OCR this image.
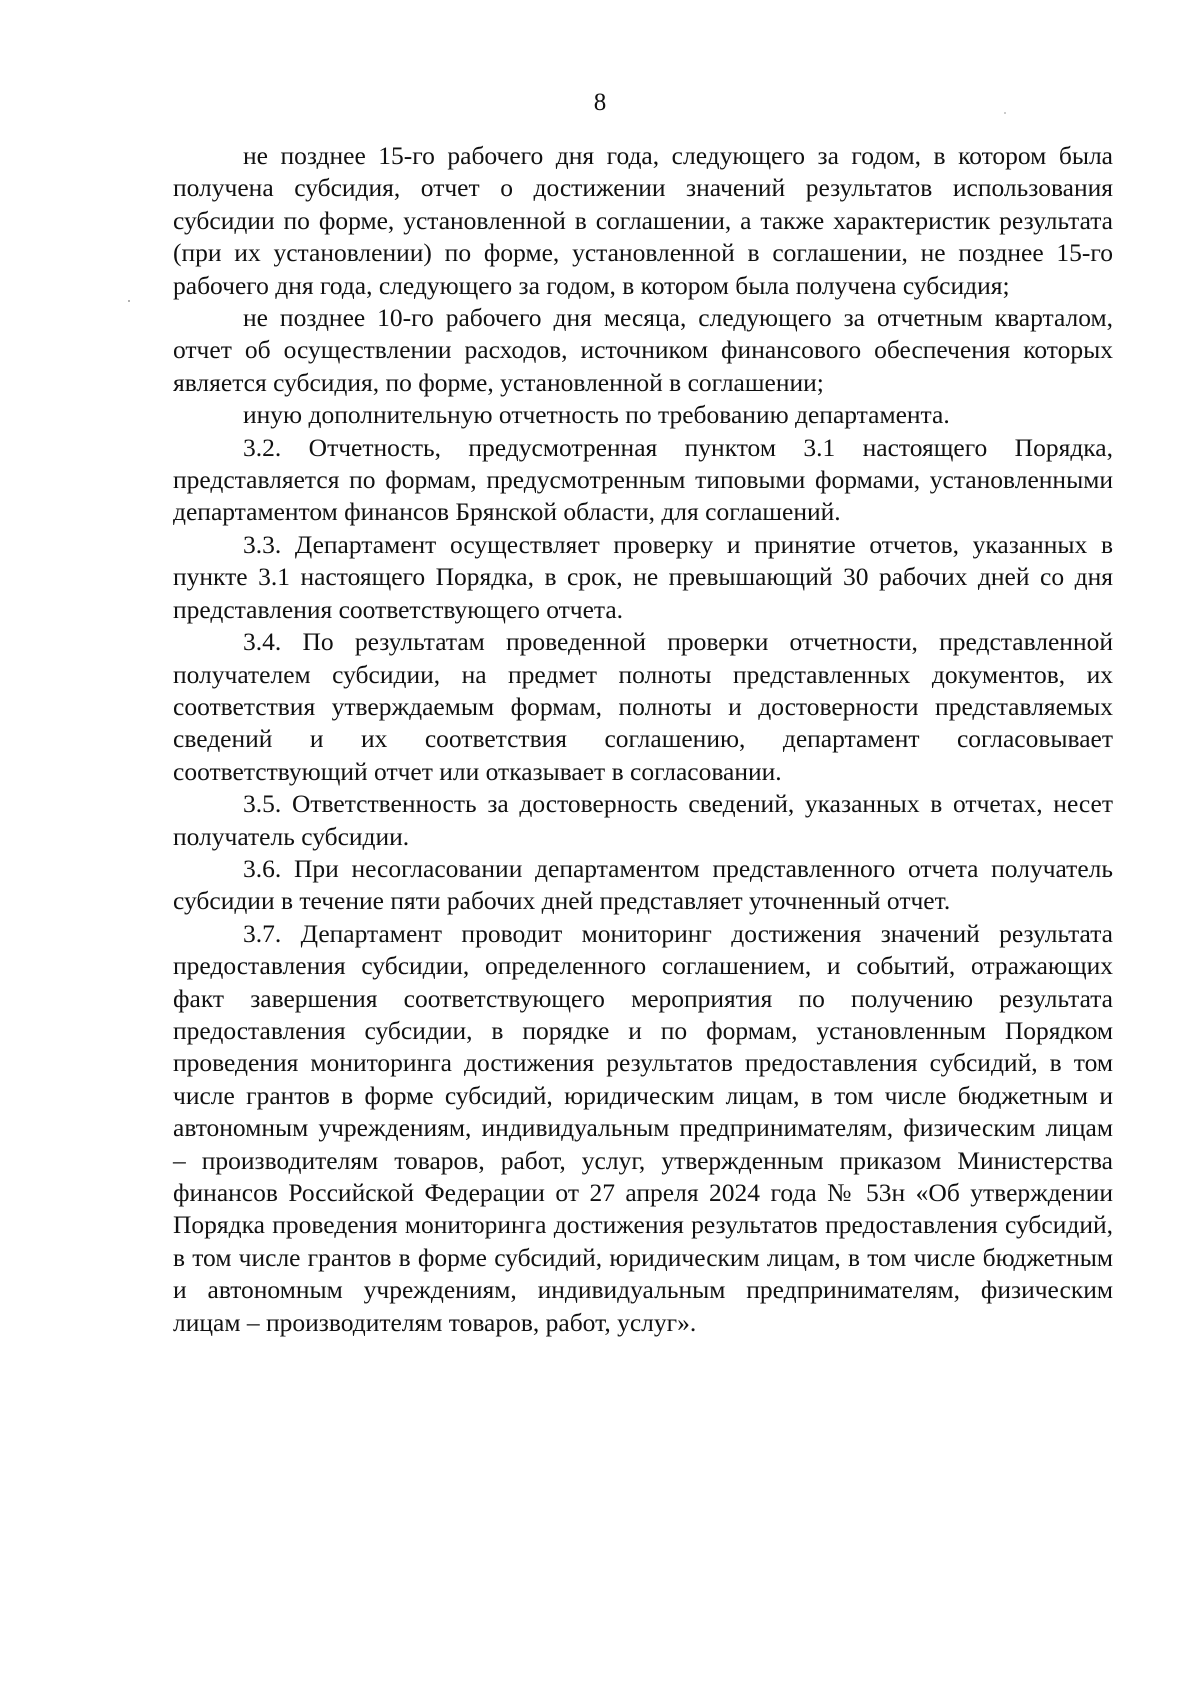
8

не позднее 15-го рабочего дня года, следующего за годом, в котором была получена субсидия, отчет о достижении значений результатов использования субсидии по форме, установленной в соглашении, а также характеристик результата (при их установлении) по форме, установленной в соглашении, не позднее 15-го рабочего дня года, следующего за годом, в котором была получена субсидия;

не позднее 10-го рабочего дня месяца, следующего за отчетным кварталом, отчет об осуществлении расходов, источником финансового обеспечения которых является субсидия, по форме, установленной в соглашении;

иную дополнительную отчетность по требованию департамента.

3.2. Отчетность, предусмотренная пунктом 3.1 настоящего Порядка, представляется по формам, предусмотренным типовыми формами, установленными департаментом финансов Брянской области, для соглашений.

3.3. Департамент осуществляет проверку и принятие отчетов, указанных в пункте 3.1 настоящего Порядка, в срок, не превышающий 30 рабочих дней со дня представления соответствующего отчета.

3.4. По результатам проведенной проверки отчетности, представленной получателем субсидии, на предмет полноты представленных документов, их соответствия утверждаемым формам, полноты и достоверности представляемых сведений и их соответствия соглашению, департамент согласовывает соответствующий отчет или отказывает в согласовании.

3.5. Ответственность за достоверность сведений, указанных в отчетах, несет получатель субсидии.

3.6. При несогласовании департаментом представленного отчета получатель субсидии в течение пяти рабочих дней представляет уточненный отчет.

3.7. Департамент проводит мониторинг достижения значений результата предоставления субсидии, определенного соглашением, и событий, отражающих факт завершения соответствующего мероприятия по получению результата предоставления субсидии, в порядке и по формам, установленным Порядком проведения мониторинга достижения результатов предоставления субсидий, в том числе грантов в форме субсидий, юридическим лицам, в том числе бюджетным и автономным учреждениям, индивидуальным предпринимателям, физическим лицам – производителям товаров, работ, услуг, утвержденным приказом Министерства финансов Российской Федерации от 27 апреля 2024 года № 53н «Об утверждении Порядка проведения мониторинга достижения результатов предоставления субсидий, в том числе грантов в форме субсидий, юридическим лицам, в том числе бюджетным и автономным учреждениям, индивидуальным предпринимателям, физическим лицам – производителям товаров, работ, услуг».
